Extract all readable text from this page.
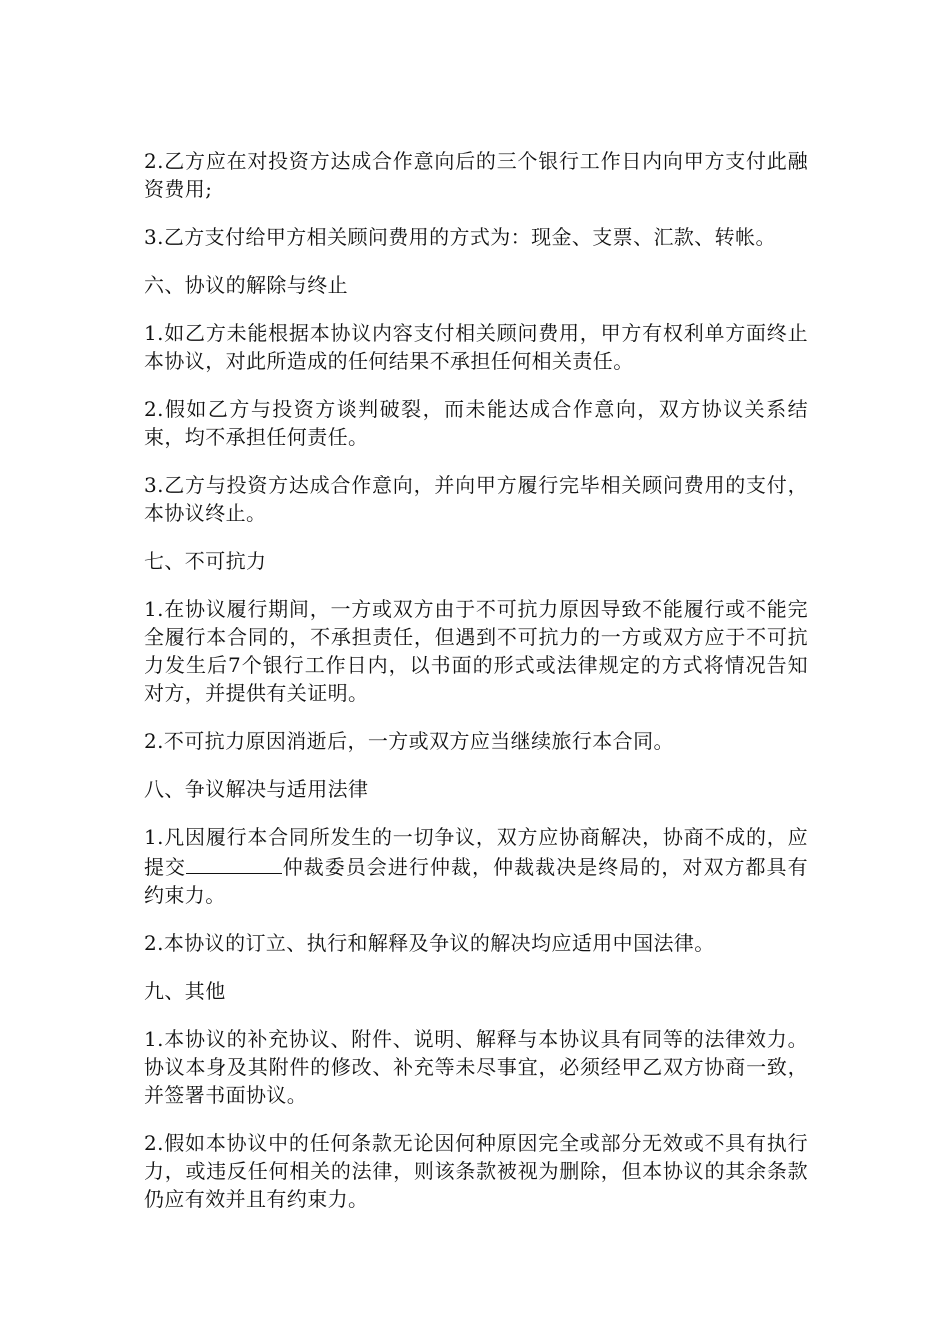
2.乙方应在对投资方达成合作意向后的三个银行工作日内向甲方支付此融资费用;

3.乙方支付给甲方相关顾问费用的方式为：现金、支票、汇款、转帐。

六、协议的解除与终止

1.如乙方未能根据本协议内容支付相关顾问费用，甲方有权利单方面终止本协议，对此所造成的任何结果不承担任何相关责任。

2.假如乙方与投资方谈判破裂，而未能达成合作意向，双方协议关系结束，均不承担任何责任。

3.乙方与投资方达成合作意向，并向甲方履行完毕相关顾问费用的支付，本协议终止。

七、不可抗力

1.在协议履行期间，一方或双方由于不可抗力原因导致不能履行或不能完全履行本合同的，不承担责任，但遇到不可抗力的一方或双方应于不可抗力发生后7个银行工作日内，以书面的形式或法律规定的方式将情况告知对方，并提供有关证明。

2.不可抗力原因消逝后，一方或双方应当继续旅行本合同。

八、争议解决与适用法律

1.凡因履行本合同所发生的一切争议，双方应协商解决，协商不成的，应提交	仲裁委员会进行仲裁，仲裁裁决是终局的，对双方都具有约束力。

2.本协议的订立、执行和解释及争议的解决均应适用中国法律。

九、其他

1.本协议的补充协议、附件、说明、解释与本协议具有同等的法律效力。协议本身及其附件的修改、补充等未尽事宜，必须经甲乙双方协商一致，并签署书面协议。

2.假如本协议中的任何条款无论因何种原因完全或部分无效或不具有执行力，或违反任何相关的法律，则该条款被视为删除，但本协议的其余条款仍应有效并且有约束力。
